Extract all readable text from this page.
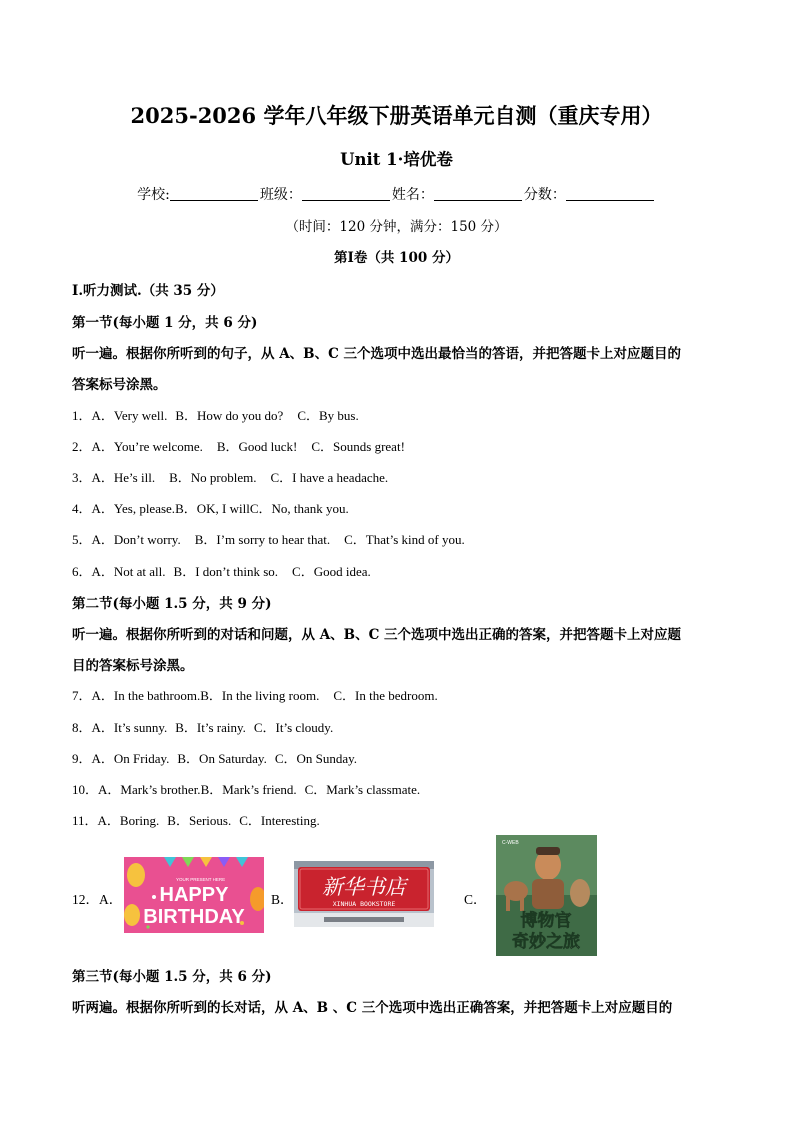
2025-2026 学年八年级下册英语单元自测（重庆专用）
Unit 1·培优卷
学校:	班级：	姓名：	分数：
（时间：120 分钟，满分：150 分）
第Ⅰ卷（共 100 分）
I.听力测试.（共 35 分）
第一节(每小题 1 分，共 6 分)
听一遍。根据你所听到的句子，从 A、B、C 三个选项中选出最恰当的答语，并把答题卡上对应题目的
答案标号涂黑。
1．A．Very well. B．How do you do? C．By bus.
2．A．You’re welcome. B．Good luck! C．Sounds great!
3．A．He’s ill. B．No problem. C．I have a headache.
4．A．Yes, please.B．OK, I willC．No, thank you.
5．A．Don’t worry. B．I’m sorry to hear that. C．That’s kind of you.
6．A．Not at all. B．I don’t think so. C．Good idea.
第二节(每小题 1.5 分，共 9 分)
听一遍。根据你所听到的对话和问题，从 A、B、C 三个选项中选出正确的答案，并把答题卡上对应题
目的答案标号涂黑。
7．A．In the bathroom.B．In the living room. C．In the bedroom.
8．A．It’s sunny. B．It’s rainy. C．It’s cloudy.
9．A．On Friday. B．On Saturday. C．On Sunday.
10．A．Mark’s brother.B．Mark’s friend. C．Mark’s classmate.
11．A．Boring. B．Serious. C．Interesting.
12．A．
YOUR PRESENT HERE
HAPPY
BIRTHDAY
B．
新华书店
XINHUA BOOKSTORE	C．
C-WEB
博物官
奇妙之旅
第三节(每小题 1.5 分，共 6 分)
听两遍。根据你所听到的长对话，从 A、B 、C 三个选项中选出正确答案，并把答题卡上对应题目的
